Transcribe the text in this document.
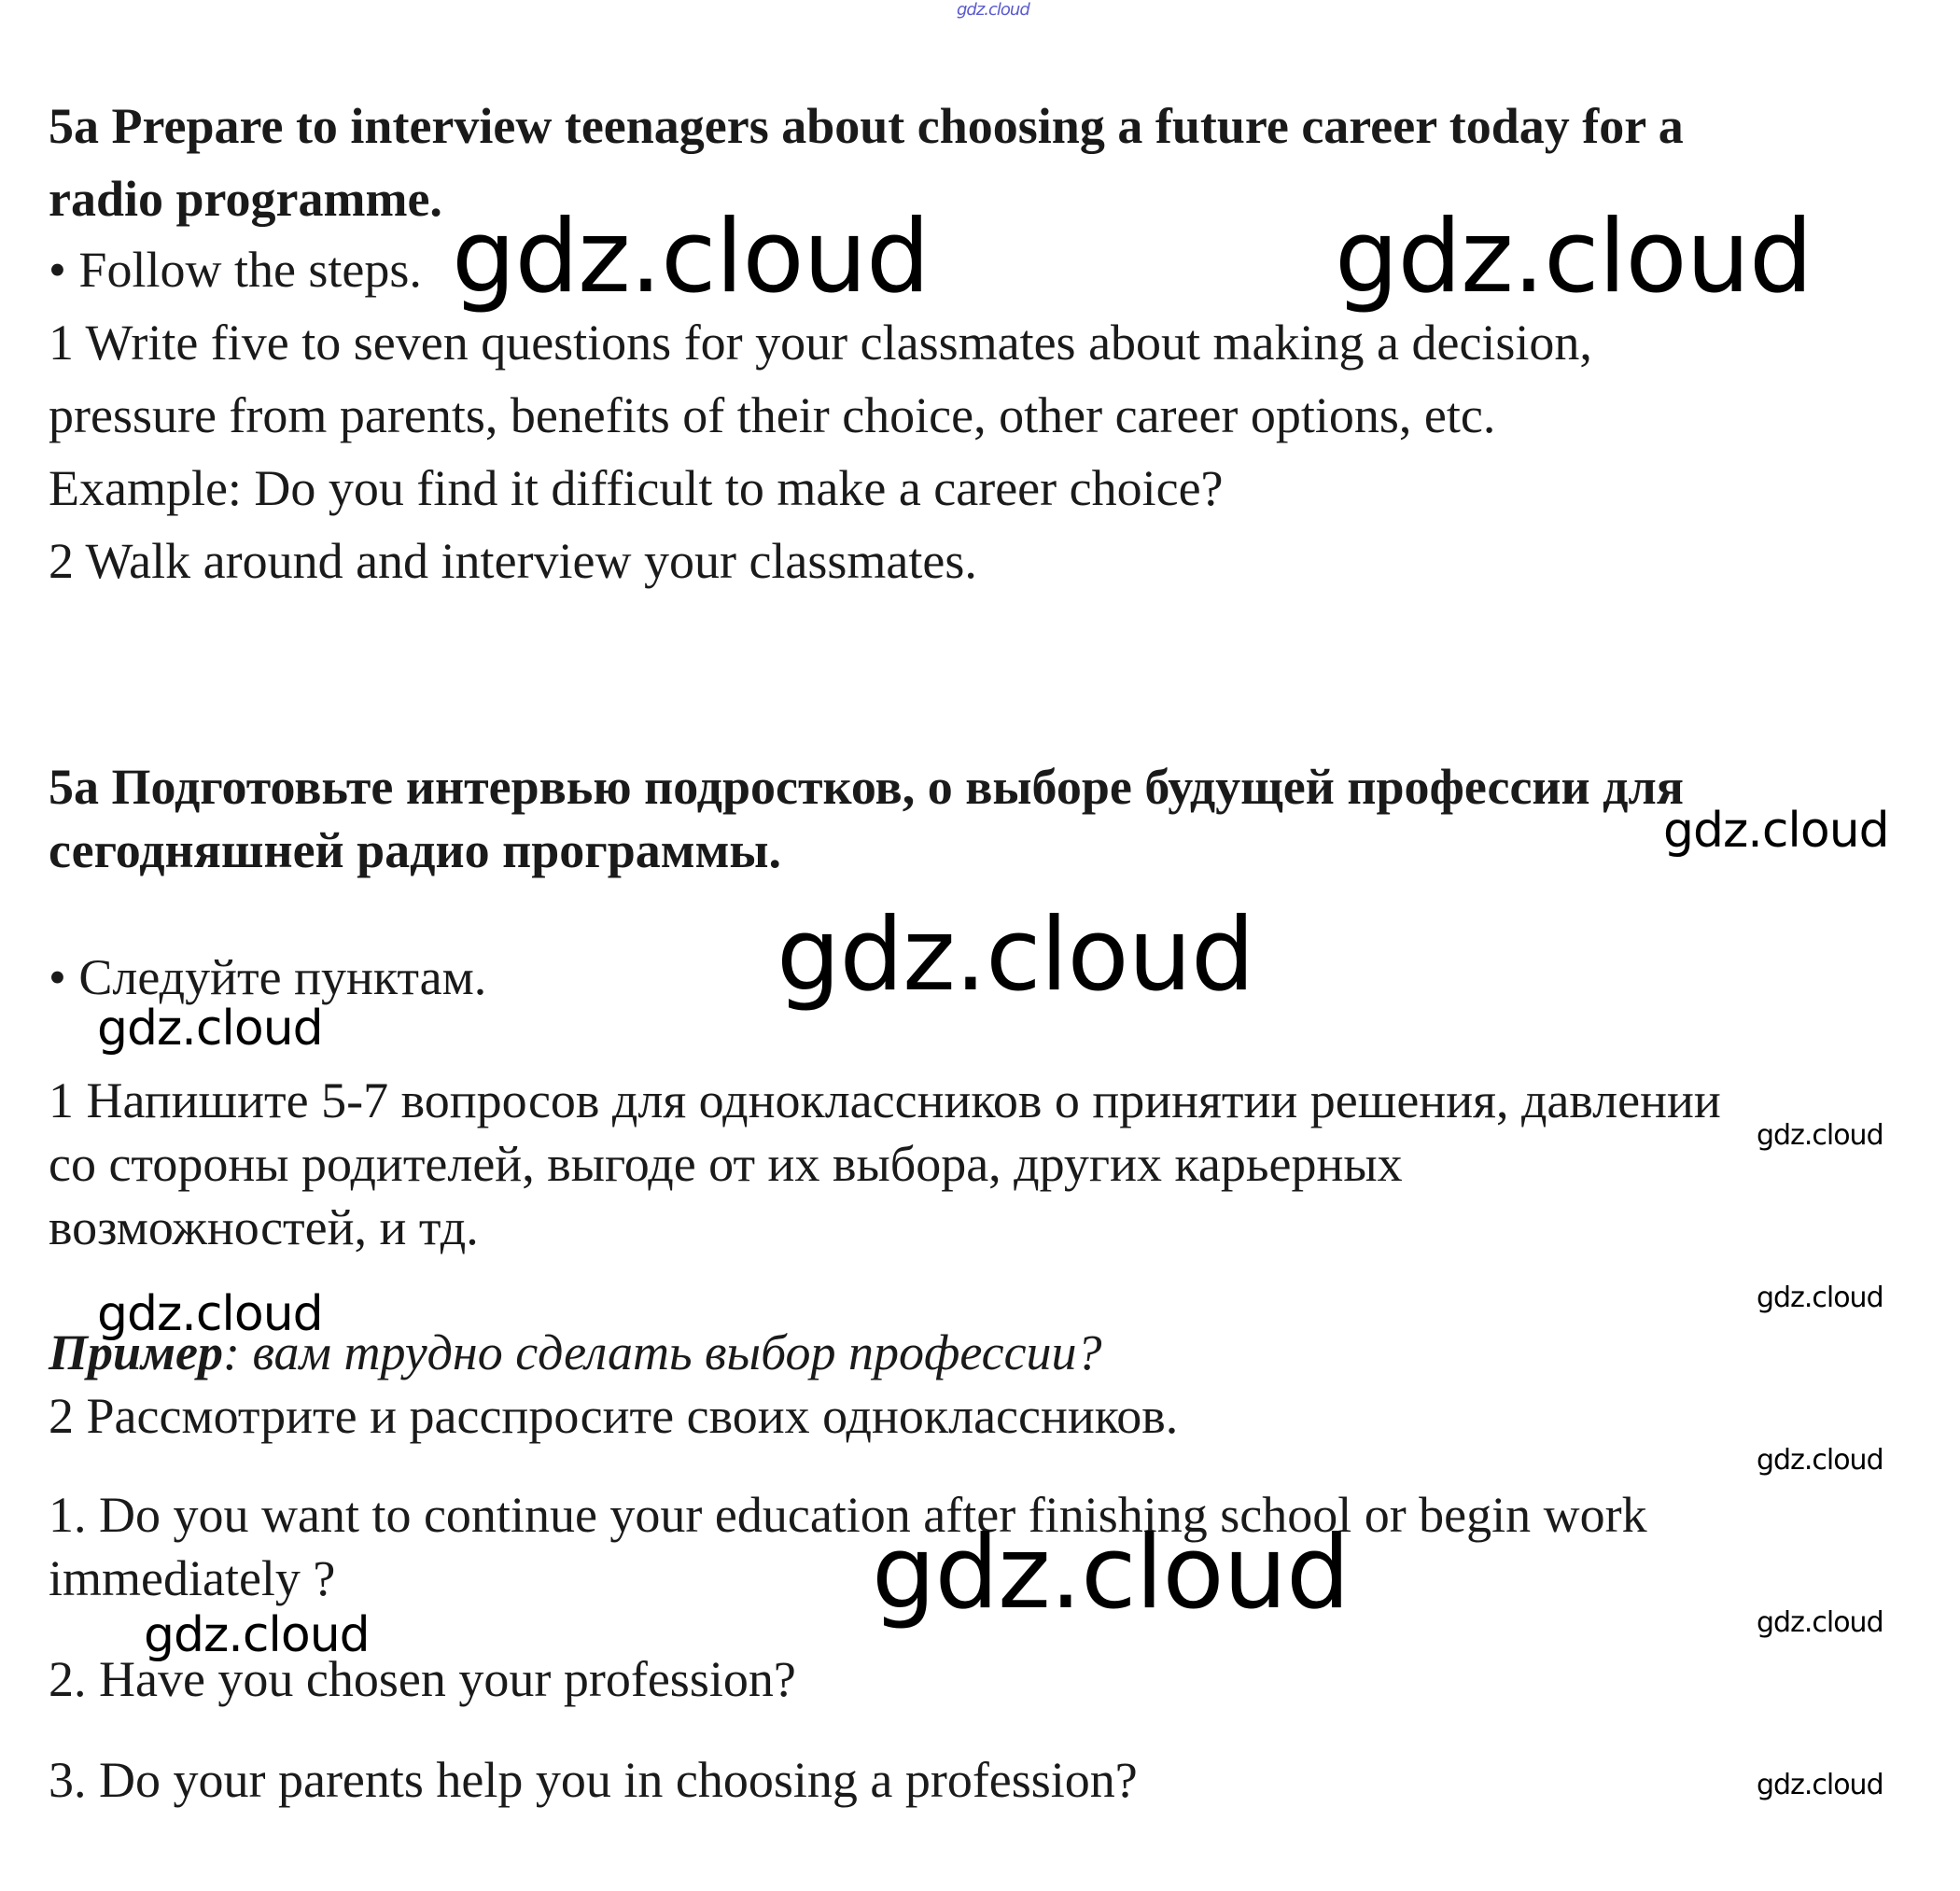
gdz.cloud
5a Prepare to interview teenagers about choosing a future career today for a
radio programme.
• Follow the steps.
1 Write five to seven questions for your classmates about making a decision,
pressure from parents, benefits of their choice, other career options, etc.
Example: Do you find it difficult to make a career choice?
2 Walk around and interview your classmates.
5a Подготовьте интервью подростков, о выборе будущей профессии для
сегодняшней радио программы.
• Следуйте пунктам.
1 Напишите 5-7 вопросов для одноклассников о принятии решения, давлении
со стороны родителей, выгоде от их выбора, других карьерных
возможностей, и тд.
Пример: вам трудно сделать выбор профессии?
2 Рассмотрите и расспросите своих одноклассников.
1. Do you want to continue your education after finishing school or begin work
immediately ?
2. Have you chosen your profession?
3. Do your parents help you in choosing a profession?
gdz.cloud	gdz.cloud
gdz.cloud
gdz.cloud
gdz.cloud
gdz.cloud
gdz.cloud
gdz.cloud
gdz.cloud
gdz.cloud	gdz.cloud
gdz.cloud
gdz.cloud
